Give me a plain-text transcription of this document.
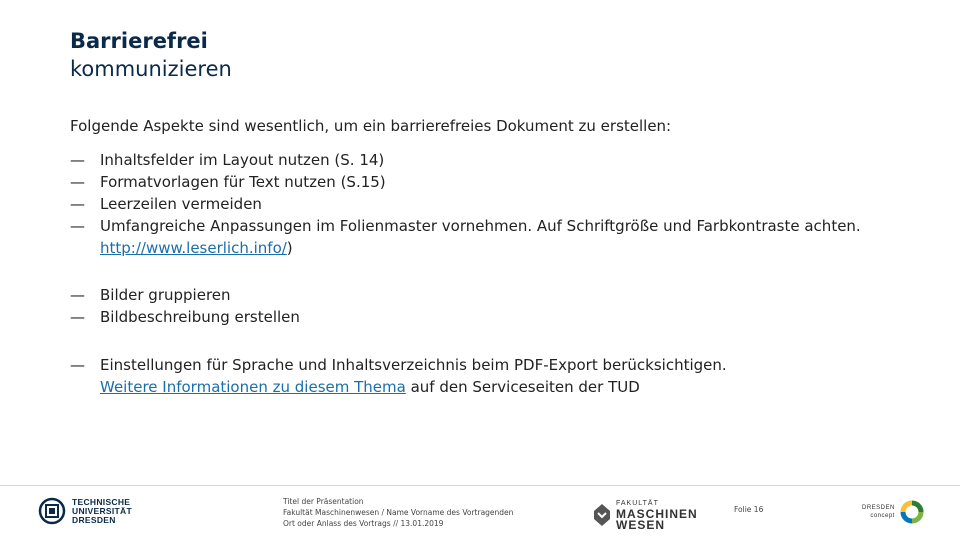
Barrierefrei
kommunizieren
Folgende Aspekte sind wesentlich, um ein barrierefreies Dokument zu erstellen:
— Inhaltsfelder im Layout nutzen (S. 14)
— Formatvorlagen für Text nutzen (S.15)
— Leerzeilen vermeiden
— Umfangreiche Anpassungen im Folienmaster vornehmen. Auf Schriftgröße und Farbkontraste achten.
http://www.leserlich.info/)
— Bilder gruppieren
— Bildbeschreibung erstellen
— Einstellungen für Sprache und Inhaltsverzeichnis beim PDF-Export berücksichtigen.
Weitere Informationen zu diesem Thema auf den Serviceseiten der TUD
TECHNISCHE
UNIVERSITÄT
DRESDEN
Titel der Präsentation
Fakultät Maschinenwesen / Name Vorname des Vortragenden
Ort oder Anlass des Vortrags // 13.01.2019
FAKULTÄT
MASCHINEN
WESEN
Folie 16	DRESDEN
concept
